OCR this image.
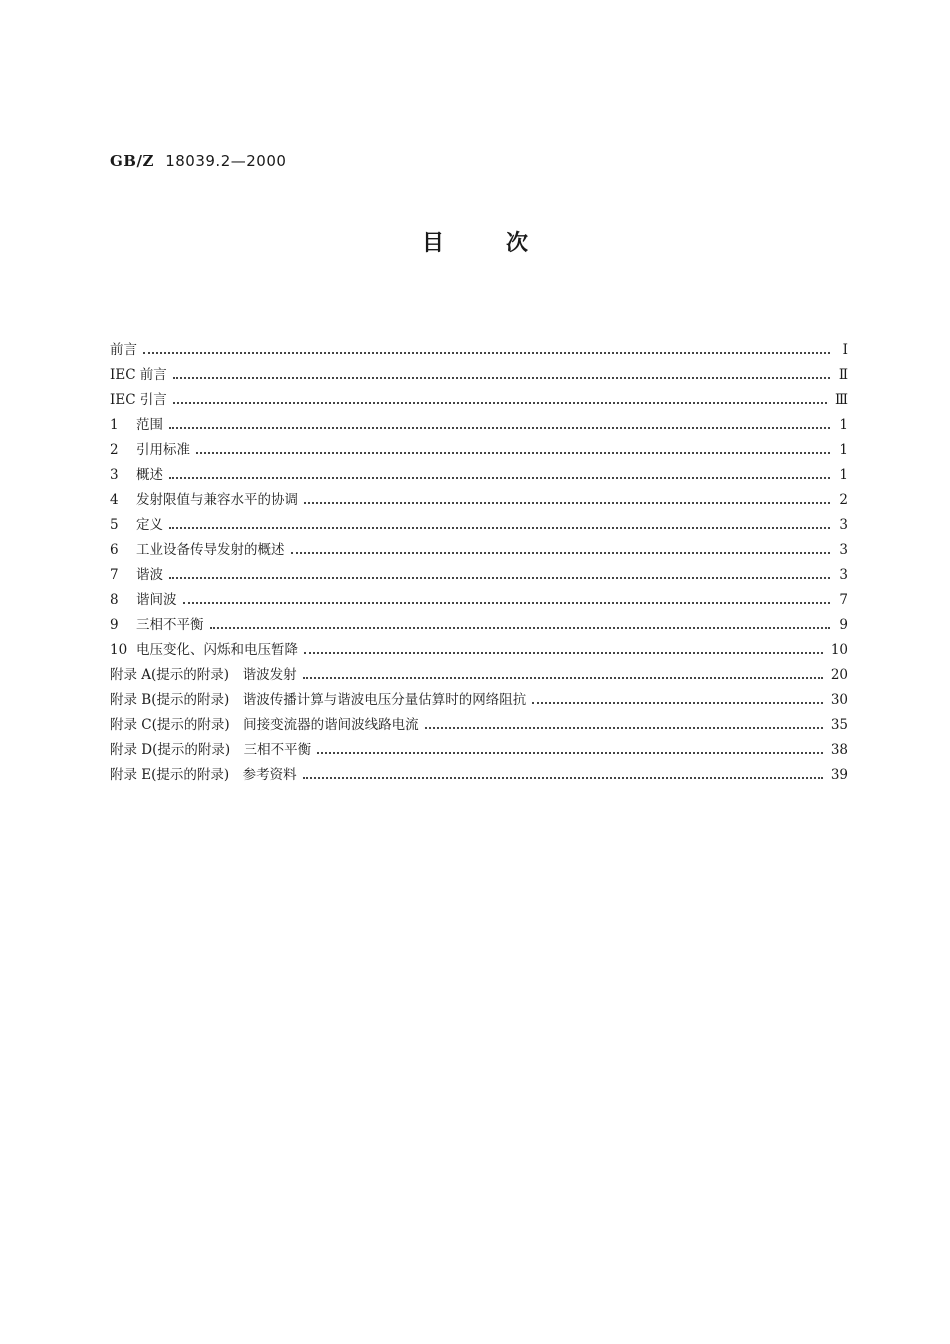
GB/Z 18039.2—2000
目次
前言	I
IEC 前言	Ⅱ
IEC 引言	Ⅲ
1 范围	1
2 引用标准	1
3 概述	1
4 发射限值与兼容水平的协调	2
5 定义	3
6 工业设备传导发射的概述	3
7 谐波	3
8 谐间波	7
9 三相不平衡	9
10 电压变化、闪烁和电压暂降	10
附录 A(提示的附录)　谐波发射	20
附录 B(提示的附录)　谐波传播计算与谐波电压分量估算时的网络阻抗	30
附录 C(提示的附录)　间接变流器的谐间波线路电流	35
附录 D(提示的附录)　三相不平衡	38
附录 E(提示的附录)　参考资料	39
